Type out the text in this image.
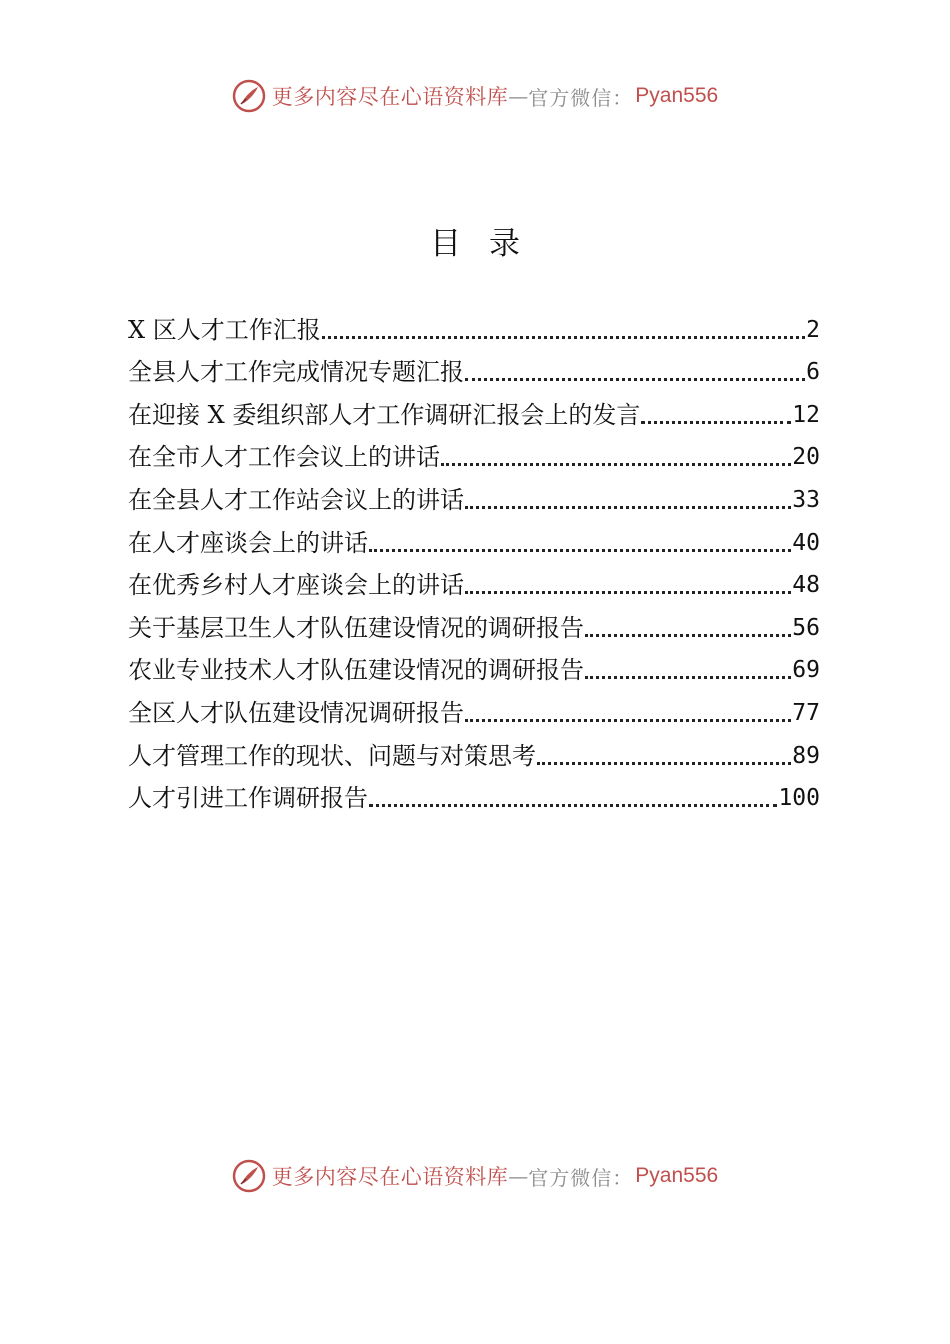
更多内容尽在心语资料库 — 官方微信： Pyan556
目录
X 区人才工作汇报	2
全县人才工作完成情况专题汇报	6
在迎接 X 委组织部人才工作调研汇报会上的发言	12
在全市人才工作会议上的讲话	20
在全县人才工作站会议上的讲话	33
在人才座谈会上的讲话	40
在优秀乡村人才座谈会上的讲话	48
关于基层卫生人才队伍建设情况的调研报告	56
农业专业技术人才队伍建设情况的调研报告	69
全区人才队伍建设情况调研报告	77
人才管理工作的现状、问题与对策思考	89
人才引进工作调研报告	100
更多内容尽在心语资料库 — 官方微信： Pyan556
